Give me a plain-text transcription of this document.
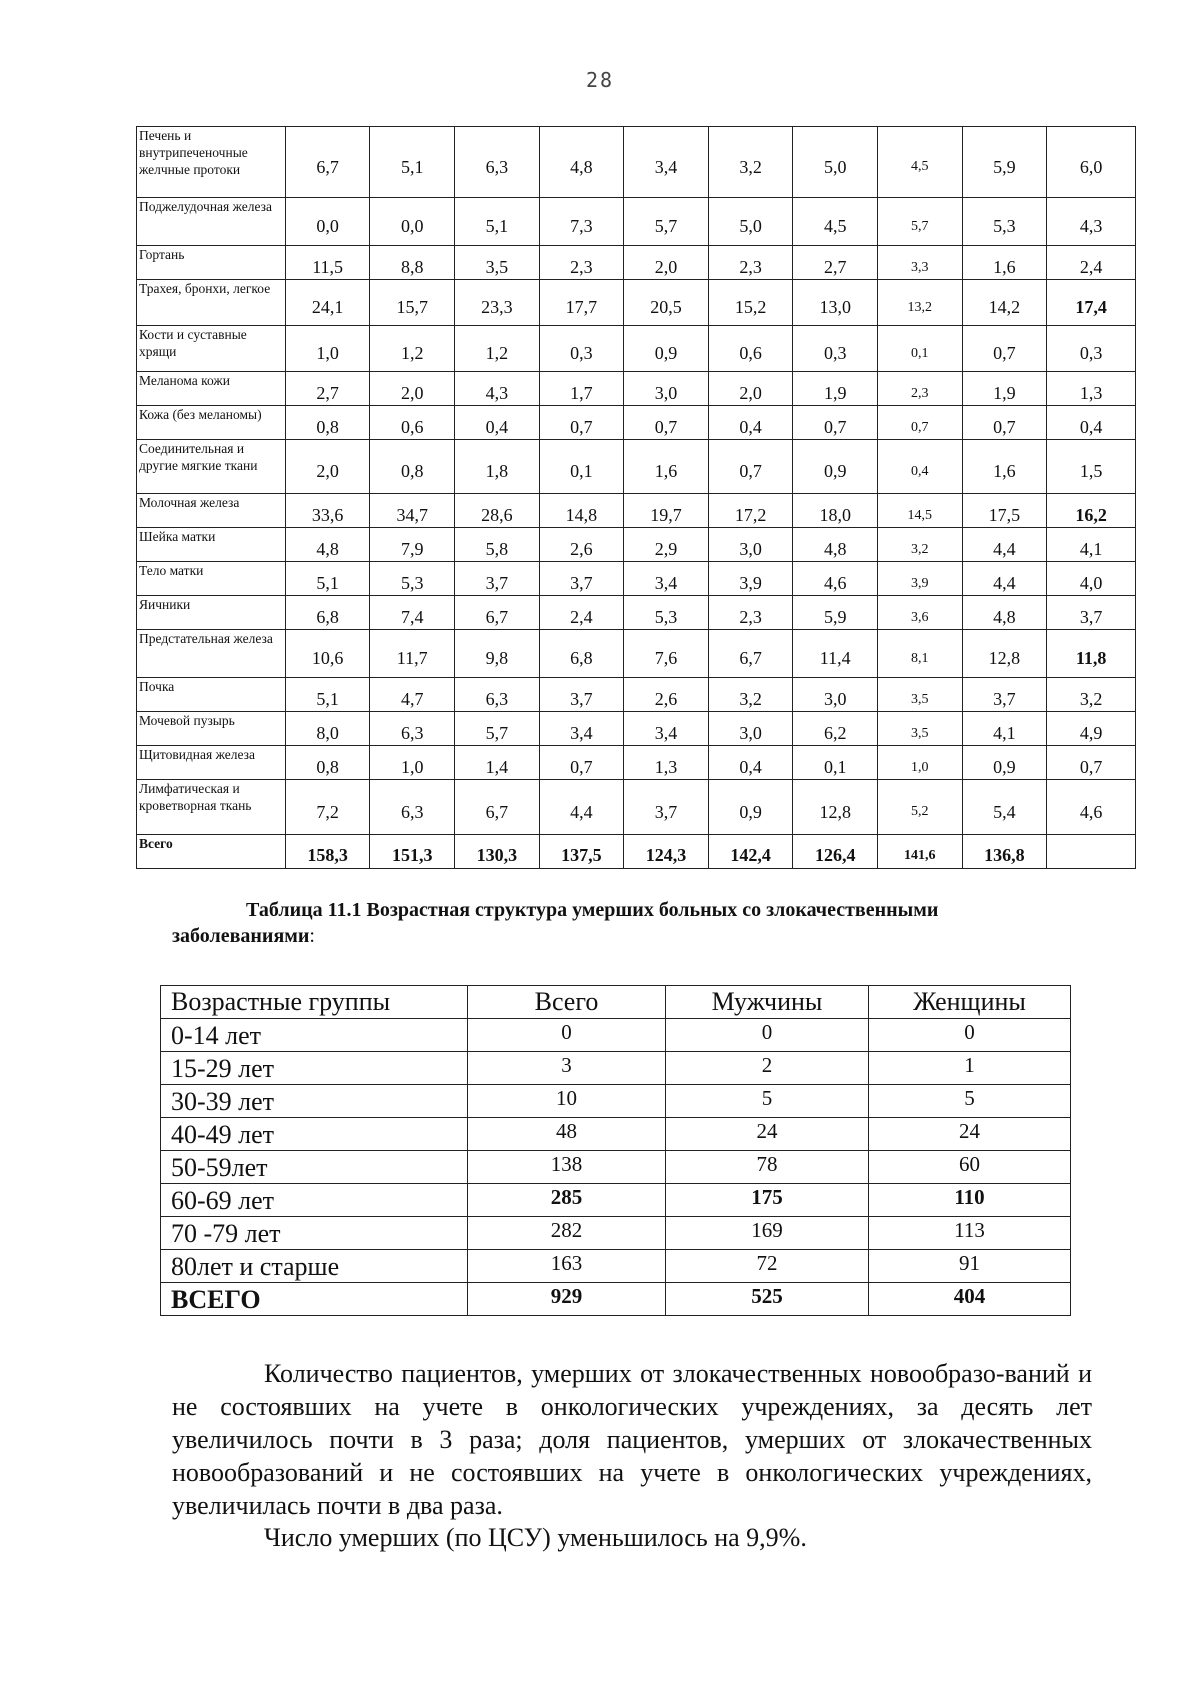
28
Печень и внутрипеченочные желчные протоки	6,7	5,1	6,3	4,8	3,4	3,2	5,0	4,5	5,9	6,0
Поджелудочная железа	0,0	0,0	5,1	7,3	5,7	5,0	4,5	5,7	5,3	4,3
Гортань	11,5	8,8	3,5	2,3	2,0	2,3	2,7	3,3	1,6	2,4
Трахея, бронхи, легкое	24,1	15,7	23,3	17,7	20,5	15,2	13,0	13,2	14,2	17,4
Кости и суставные хрящи	1,0	1,2	1,2	0,3	0,9	0,6	0,3	0,1	0,7	0,3
Меланома кожи	2,7	2,0	4,3	1,7	3,0	2,0	1,9	2,3	1,9	1,3
Кожа (без меланомы)	0,8	0,6	0,4	0,7	0,7	0,4	0,7	0,7	0,7	0,4
Соединительная и другие мягкие ткани	2,0	0,8	1,8	0,1	1,6	0,7	0,9	0,4	1,6	1,5
Молочная железа	33,6	34,7	28,6	14,8	19,7	17,2	18,0	14,5	17,5	16,2
Шейка матки	4,8	7,9	5,8	2,6	2,9	3,0	4,8	3,2	4,4	4,1
Тело матки	5,1	5,3	3,7	3,7	3,4	3,9	4,6	3,9	4,4	4,0
Яичники	6,8	7,4	6,7	2,4	5,3	2,3	5,9	3,6	4,8	3,7
Предстательная железа	10,6	11,7	9,8	6,8	7,6	6,7	11,4	8,1	12,8	11,8
Почка	5,1	4,7	6,3	3,7	2,6	3,2	3,0	3,5	3,7	3,2
Мочевой пузырь	8,0	6,3	5,7	3,4	3,4	3,0	6,2	3,5	4,1	4,9
Щитовидная железа	0,8	1,0	1,4	0,7	1,3	0,4	0,1	1,0	0,9	0,7
Лимфатическая и кроветворная ткань	7,2	6,3	6,7	4,4	3,7	0,9	12,8	5,2	5,4	4,6
Всего	158,3	151,3	130,3	137,5	124,3	142,4	126,4	141,6	136,8	
Таблица 11.1 Возрастная структура умерших больных со злокачественными
заболеваниями:
Возрастные группы	Всего	Мужчины	Женщины
0-14 лет	0	0	0
15-29 лет	3	2	1
30-39 лет	10	5	5
40-49 лет	48	24	24
50-59лет	138	78	60
60-69 лет	285	175	110
70 -79 лет	282	169	113
80лет и старше	163	72	91
ВСЕГО	929	525	404
Количество пациентов, умерших от злокачественных новообразо-ваний и не состоявших на учете в онкологических учреждениях, за десять лет увеличилось почти в 3 раза; доля пациентов, умерших от злокачественных новообразований и не состоявших на учете в онкологических учреждениях, увеличилась почти в два раза.
Число умерших (по ЦСУ) уменьшилось на 9,9%.
